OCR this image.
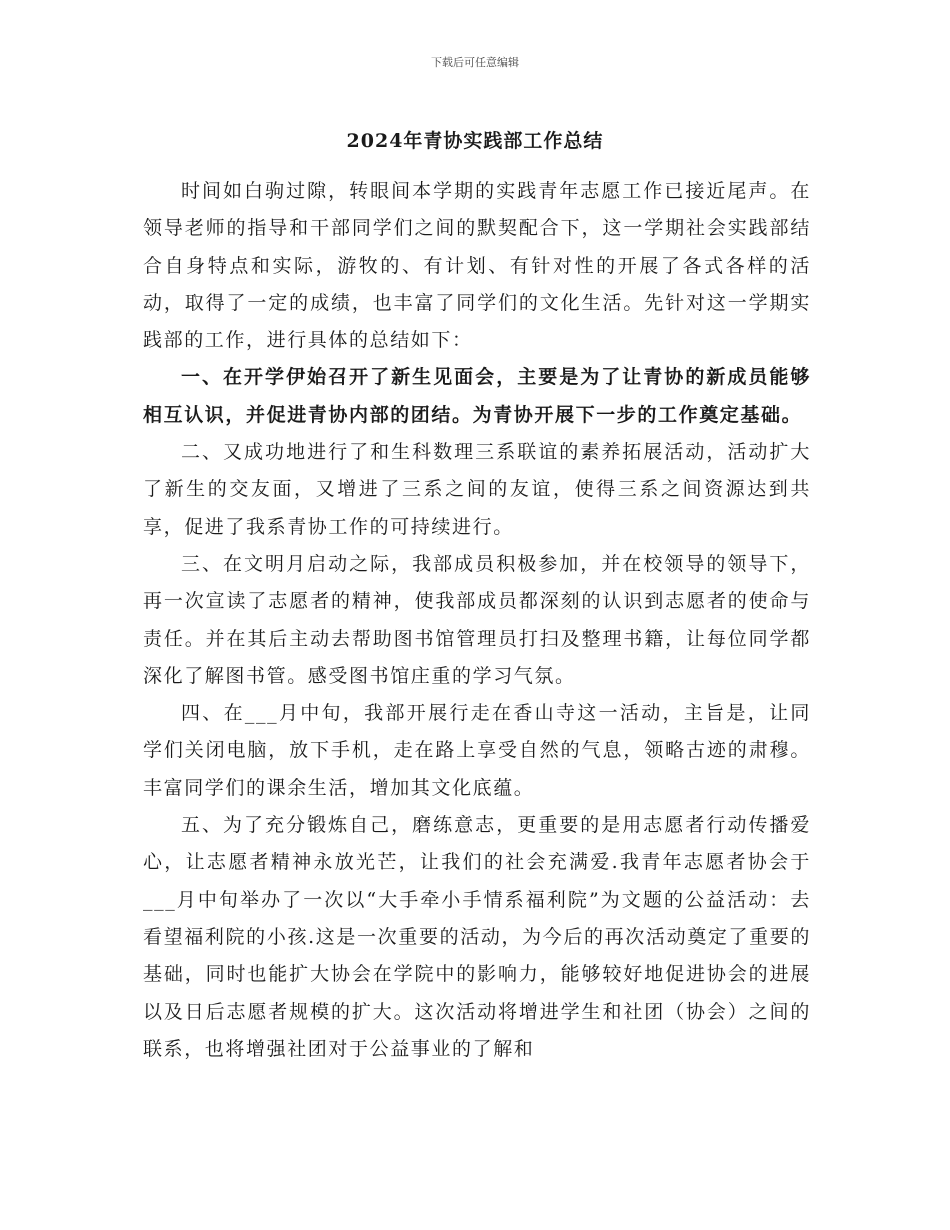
下载后可任意编辑
2024年青协实践部工作总结

时间如白驹过隙，转眼间本学期的实践青年志愿工作已接近尾声。在领导老师的指导和干部同学们之间的默契配合下，这一学期社会实践部结合自身特点和实际，游牧的、有计划、有针对性的开展了各式各样的活动，取得了一定的成绩，也丰富了同学们的文化生活。先针对这一学期实践部的工作，进行具体的总结如下：

一、在开学伊始召开了新生见面会，主要是为了让青协的新成员能够相互认识，并促进青协内部的团结。为青协开展下一步的工作奠定基础。

二、又成功地进行了和生科数理三系联谊的素养拓展活动，活动扩大了新生的交友面，又增进了三系之间的友谊，使得三系之间资源达到共享，促进了我系青协工作的可持续进行。

三、在文明月启动之际，我部成员积极参加，并在校领导的领导下，再一次宣读了志愿者的精神，使我部成员都深刻的认识到志愿者的使命与责任。并在其后主动去帮助图书馆管理员打扫及整理书籍，让每位同学都深化了解图书管。感受图书馆庄重的学习气氛。

四、在___月中旬，我部开展行走在香山寺这一活动，主旨是，让同学们关闭电脑，放下手机，走在路上享受自然的气息，领略古迹的肃穆。丰富同学们的课余生活，增加其文化底蕴。

五、为了充分锻炼自己，磨练意志，更重要的是用志愿者行动传播爱心，让志愿者精神永放光芒，让我们的社会充满爱.我青年志愿者协会于___月中旬举办了一次以“大手牵小手情系福利院”为文题的公益活动：去看望福利院的小孩.这是一次重要的活动，为今后的再次活动奠定了重要的基础，同时也能扩大协会在学院中的影响力，能够较好地促进协会的进展以及日后志愿者规模的扩大。这次活动将增进学生和社团（协会）之间的联系，也将增强社团对于公益事业的了解和
